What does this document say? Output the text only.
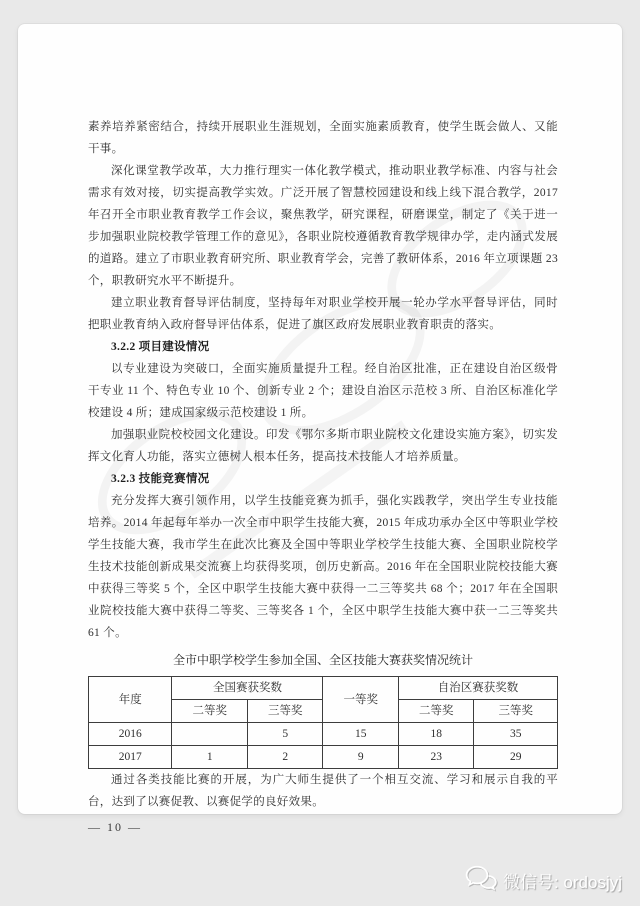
素养培养紧密结合，持续开展职业生涯规划，全面实施素质教育，使学生既会做人、又能干事。

深化课堂教学改革，大力推行理实一体化教学模式，推动职业教学标准、内容与社会需求有效对接，切实提高教学实效。广泛开展了智慧校园建设和线上线下混合教学，2017 年召开全市职业教育教学工作会议，聚焦教学，研究课程，研磨课堂，制定了《关于进一步加强职业院校教学管理工作的意见》，各职业院校遵循教育教学规律办学，走内涵式发展的道路。建立了市职业教育研究所、职业教育学会，完善了教研体系，2016 年立项课题 23 个，职教研究水平不断提升。

建立职业教育督导评估制度，坚持每年对职业学校开展一轮办学水平督导评估，同时把职业教育纳入政府督导评估体系，促进了旗区政府发展职业教育职责的落实。

3.2.2 项目建设情况

以专业建设为突破口，全面实施质量提升工程。经自治区批准，正在建设自治区级骨干专业 11 个、特色专业 10 个、创新专业 2 个；建设自治区示范校 3 所、自治区标准化学校建设 4 所；建成国家级示范校建设 1 所。

加强职业院校校园文化建设。印发《鄂尔多斯市职业院校文化建设实施方案》，切实发挥文化育人功能，落实立德树人根本任务，提高技术技能人才培养质量。

3.2.3 技能竞赛情况

充分发挥大赛引领作用，以学生技能竞赛为抓手，强化实践教学，突出学生专业技能培养。2014 年起每年举办一次全市中职学生技能大赛，2015 年成功承办全区中等职业学校学生技能大赛，我市学生在此次比赛及全国中等职业学校学生技能大赛、全国职业院校学生技术技能创新成果交流赛上均获得奖项，创历史新高。2016 年在全国职业院校技能大赛中获得三等奖 5 个，全区中职学生技能大赛中获得一二三等奖共 68 个；2017 年在全国职业院校技能大赛中获得二等奖、三等奖各 1 个，全区中职学生技能大赛中获一二三等奖共 61 个。

全市中职学校学生参加全国、全区技能大赛获奖情况统计
年度	全国赛获奖数		一等奖	自治区赛获奖数	
	二等奖	三等奖		二等奖	三等奖
2016		5	15	18	35
2017	1	2	9	23	29

通过各类技能比赛的开展，为广大师生提供了一个相互交流、学习和展示自我的平台，达到了以赛促教、以赛促学的良好效果。

— 10 —
微信号: ordosjyj
